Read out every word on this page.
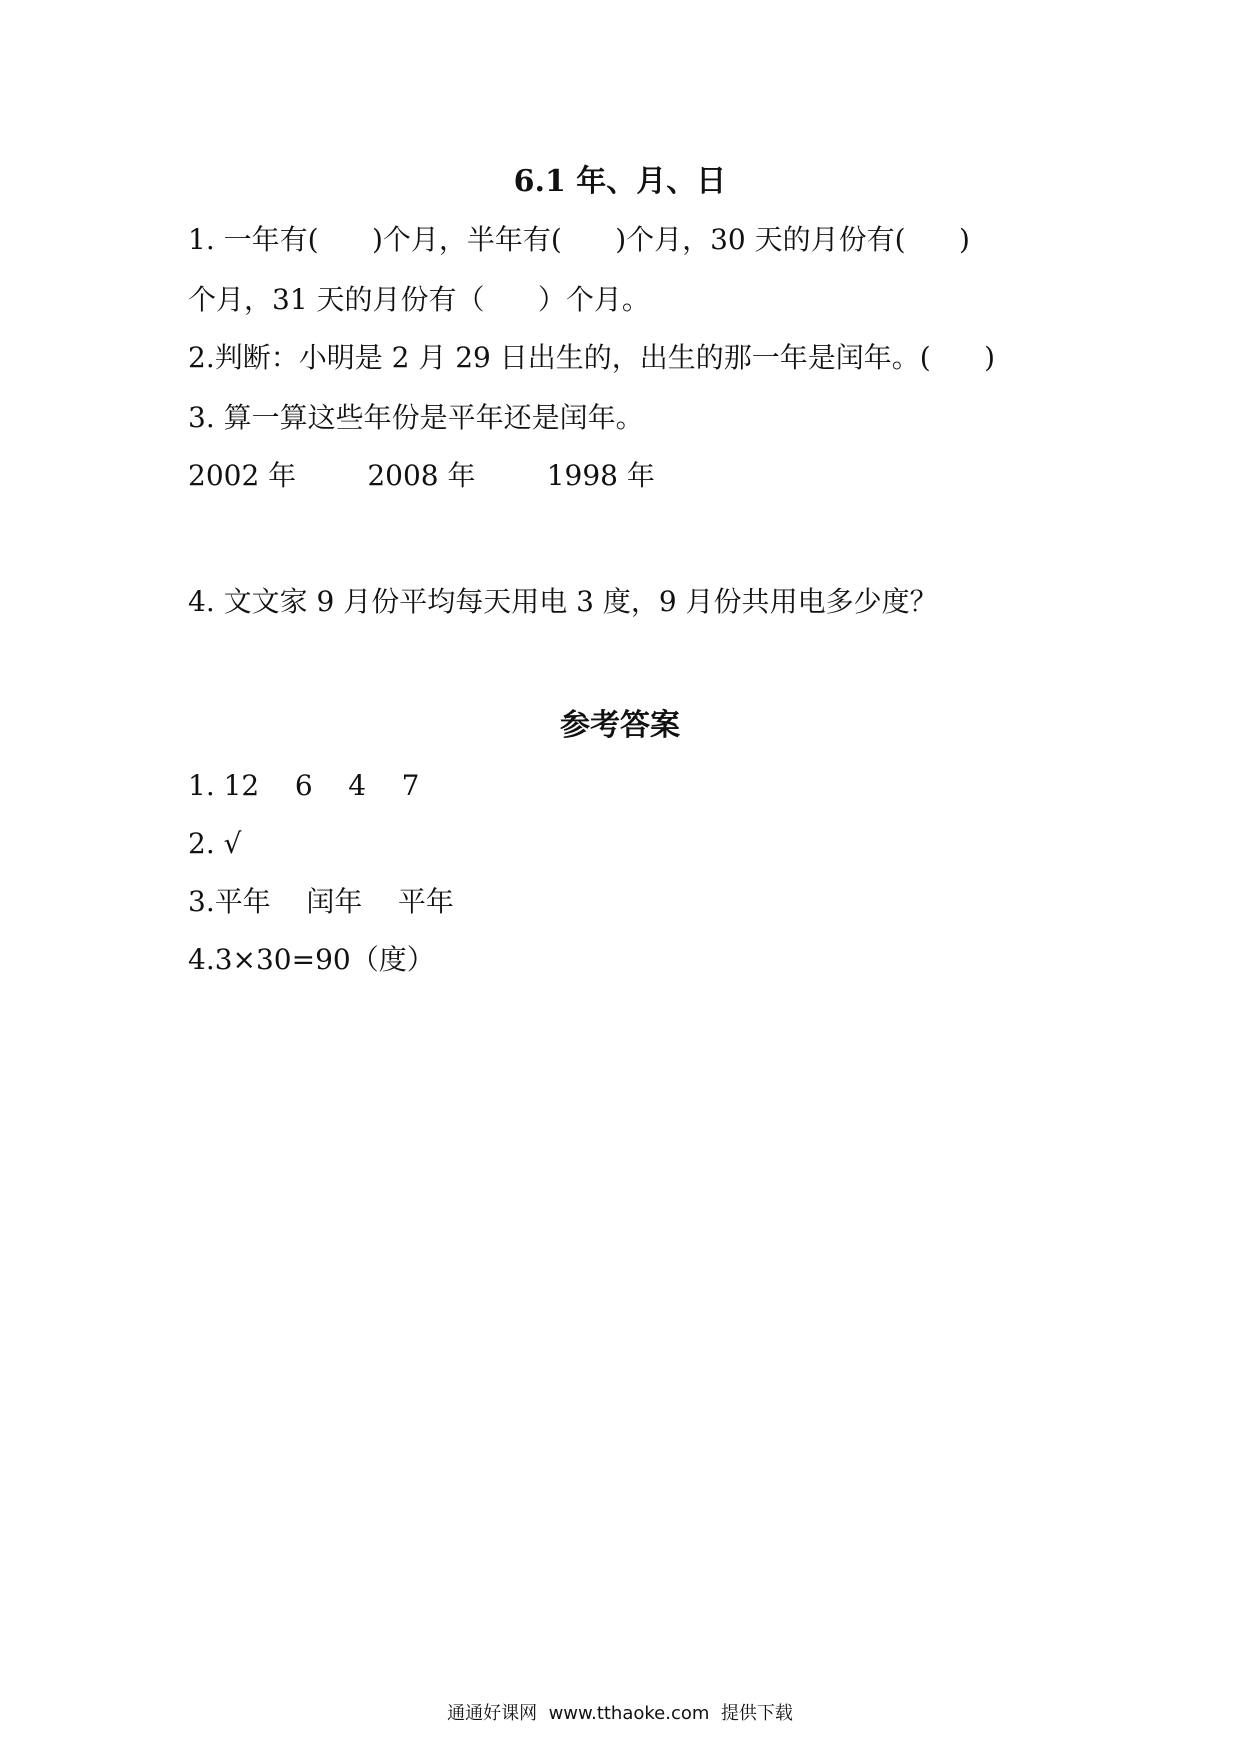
6.1 年、月、日

1. 一年有(      )个月，半年有(      )个月，30 天的月份有(      )

个月，31 天的月份有（      ）个月。

2.判断：小明是 2 月 29 日出生的，出生的那一年是闰年。(      )

3. 算一算这些年份是平年还是闰年。

2002 年        2008 年        1998 年

4. 文文家 9 月份平均每天用电 3 度，9 月份共用电多少度？

参考答案

1. 12    6    4    7

2. √

3.平年    闰年    平年

4.3×30=90（度）

通通好课网  www.tthaoke.com  提供下载
